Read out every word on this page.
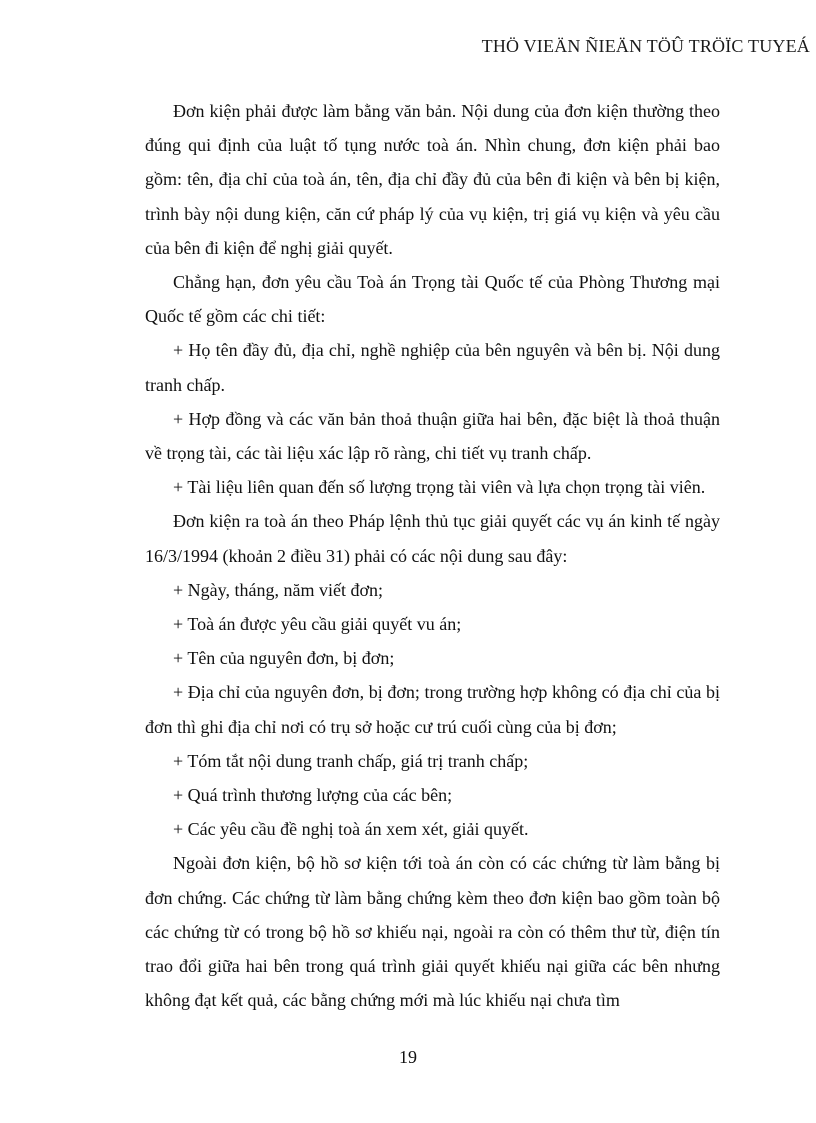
THÖ VIEÄN ÑIEÄN TÖÛ TRÖÏC TUYEÁ

Đơn kiện phải được làm bằng văn bản. Nội dung của đơn kiện thường theo đúng qui định của luật tố tụng nước toà án. Nhìn chung, đơn kiện phải bao gồm: tên, địa chỉ của toà án, tên, địa chỉ đầy đủ của bên đi kiện và bên bị kiện, trình bày nội dung kiện, căn cứ pháp lý của vụ kiện, trị giá vụ kiện và yêu cầu của bên đi kiện để nghị giải quyết.

Chẳng hạn, đơn yêu cầu Toà án Trọng tài Quốc tế của Phòng Thương mại Quốc tế gồm các chi tiết:

+ Họ tên đầy đủ, địa chỉ, nghề nghiệp của bên nguyên và bên bị. Nội dung tranh chấp.

+ Hợp đồng và các văn bản thoả thuận giữa hai bên, đặc biệt là thoả thuận về trọng tài, các tài liệu xác lập rõ ràng, chi tiết vụ tranh chấp.

+ Tài liệu liên quan đến số lượng trọng tài viên và lựa chọn trọng tài viên.

Đơn kiện ra toà án theo Pháp lệnh thủ tục giải quyết các vụ án kinh tế ngày 16/3/1994 (khoản 2 điều 31) phải có các nội dung sau đây:

+ Ngày, tháng, năm viết đơn;

+ Toà án được yêu cầu giải quyết vu án;

+ Tên của nguyên đơn, bị đơn;

+ Địa chỉ của nguyên đơn, bị đơn; trong trường hợp không có địa chỉ của bị đơn thì ghi địa chỉ nơi có trụ sở hoặc cư trú cuối cùng của bị đơn;

+ Tóm tắt nội dung tranh chấp, giá trị tranh chấp;

+ Quá trình thương lượng của các bên;

+ Các yêu cầu đề nghị toà án xem xét, giải quyết.

Ngoài đơn kiện, bộ hồ sơ kiện tới toà án còn có các chứng từ làm bằng bị đơn chứng. Các chứng từ làm bằng chứng kèm theo đơn kiện bao gồm toàn bộ các chứng từ có trong bộ hồ sơ khiếu nại, ngoài ra còn có thêm thư từ, điện tín trao đổi giữa hai bên trong quá trình giải quyết khiếu nại giữa các bên nhưng không đạt kết quả, các bằng chứng mới mà lúc khiếu nại chưa tìm

19
